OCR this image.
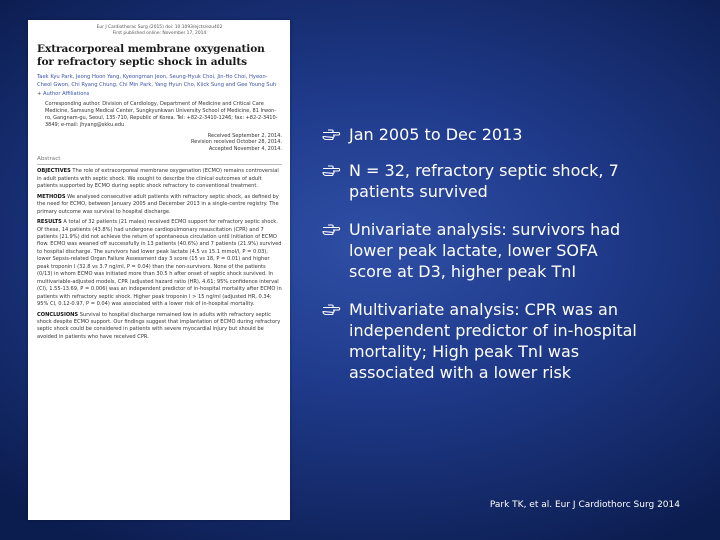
Eur J Cardiothorac Surg (2015) doi: 10.1093/ejcts/ezu402
First published online: November 17, 2014
Extracorporeal membrane oxygenation for refractory septic shock in adults
Taek Kyu Park, Jeong Hoon Yang, Kyeongman Jeon, Seung-Hyuk Choi, Jin-Ho Choi, Hyeon-Cheol Gwon, Chi Ryang Chung, Chi Min Park, Yang Hyun Cho, Kiick Sung and Gee Young Suh
+ Author Affiliations
Corresponding author. Division of Cardiology, Department of Medicine and Critical Care Medicine, Samsung Medical Center, Sungkyunkwan University School of Medicine, 81 Irwon-ro, Gangnam-gu, Seoul, 135-710, Republic of Korea. Tel: +82-2-3410-1246; fax: +82-2-3410-3849; e-mail: jhyang@skku.edu
Received September 2, 2014.
Revision received October 28, 2014.
Accepted November 4, 2014.
Abstract
OBJECTIVES The role of extracorporeal membrane oxygenation (ECMO) remains controversial in adult patients with septic shock. We sought to describe the clinical outcomes of adult patients supported by ECMO during septic shock refractory to conventional treatment.
METHODS We analysed consecutive adult patients with refractory septic shock, as defined by the need for ECMO, between January 2005 and December 2013 in a single-centre registry. The primary outcome was survival to hospital discharge.
RESULTS A total of 32 patients (21 males) received ECMO support for refractory septic shock. Of these, 14 patients (43.8%) had undergone cardiopulmonary resuscitation (CPR) and 7 patients (21.9%) did not achieve the return of spontaneous circulation until initiation of ECMO flow. ECMO was weaned off successfully in 13 patients (40.6%) and 7 patients (21.9%) survived to hospital discharge. The survivors had lower peak lactate (4.5 vs 15.1 mmol/l, P = 0.03), lower Sepsis-related Organ Failure Assessment day 3 score (15 vs 18, P = 0.01) and higher peak troponin I (32.8 vs 3.7 ng/ml, P = 0.04) than the non-survivors. None of the patients (0/13) in whom ECMO was initiated more than 30.5 h after onset of septic shock survived. In multivariable-adjusted models, CPR (adjusted hazard ratio (HR), 4.61; 95% confidence interval (CI), 1.55-13.69, P = 0.006) was an independent predictor of in-hospital mortality after ECMO in patients with refractory septic shock. Higher peak troponin I > 15 ng/ml (adjusted HR, 0.34; 95% CI, 0.12-0.97, P = 0.04) was associated with a lower risk of in-hospital mortality.
CONCLUSIONS Survival to hospital discharge remained low in adults with refractory septic shock despite ECMO support. Our findings suggest that implantation of ECMO during refractory septic shock could be considered in patients with severe myocardial injury but should be avoided in patients who have received CPR.
Jan 2005 to Dec 2013
N = 32, refractory septic shock, 7 patients survived
Univariate analysis: survivors had lower peak lactate, lower SOFA score at D3, higher peak TnI
Multivariate analysis: CPR was an independent predictor of in-hospital mortality; High peak TnI was associated with a lower risk
Park TK, et al. Eur J Cardiothorc Surg 2014
